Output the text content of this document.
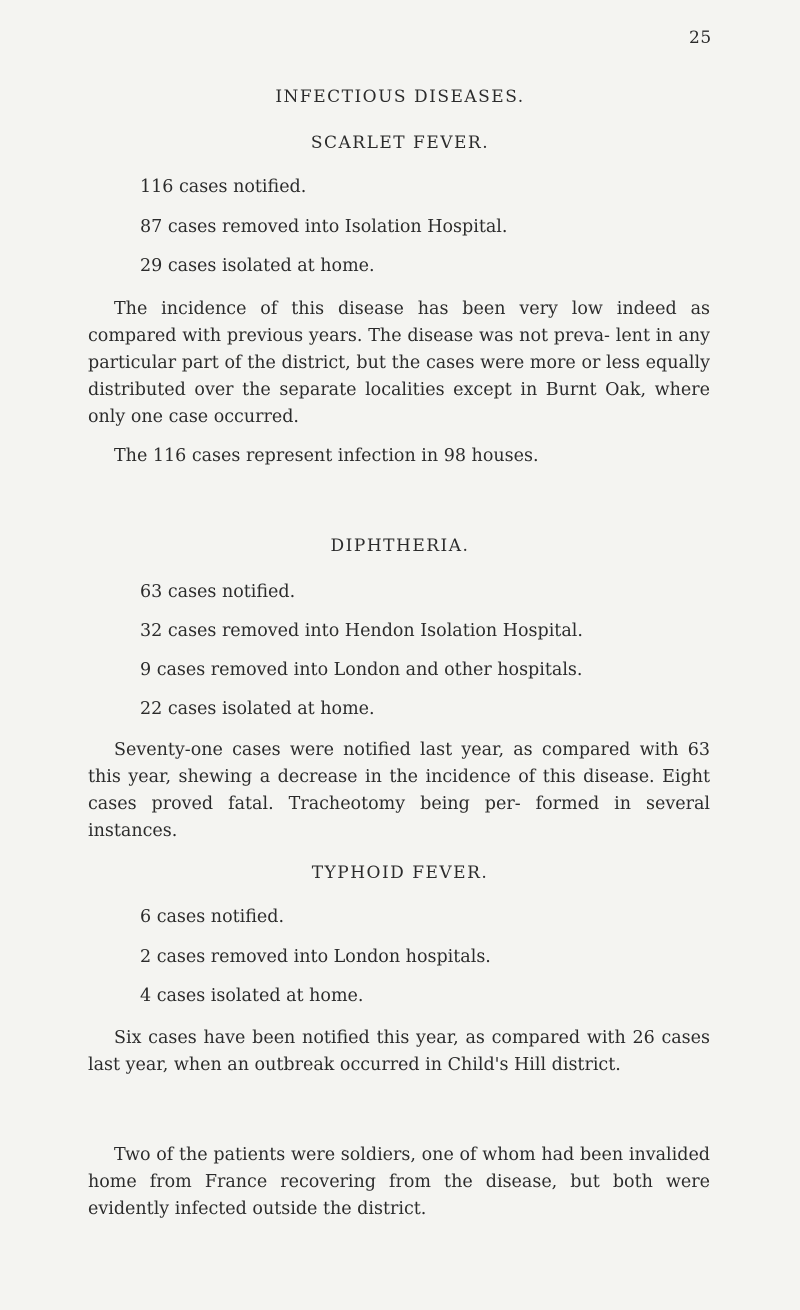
25
INFECTIOUS DISEASES.
SCARLET FEVER.
116 cases notified.
87 cases removed into Isolation Hospital.
29 cases isolated at home.
The incidence of this disease has been very low indeed as compared with previous years. The disease was not preva- lent in any particular part of the district, but the cases were more or less equally distributed over the separate localities except in Burnt Oak, where only one case occurred.
The 116 cases represent infection in 98 houses.
DIPHTHERIA.
63 cases notified.
32 cases removed into Hendon Isolation Hospital.
9 cases removed into London and other hospitals.
22 cases isolated at home.
Seventy-one cases were notified last year, as compared with 63 this year, shewing a decrease in the incidence of this disease. Eight cases proved fatal. Tracheotomy being per- formed in several instances.
TYPHOID FEVER.
6 cases notified.
2 cases removed into London hospitals.
4 cases isolated at home.
Six cases have been notified this year, as compared with 26 cases last year, when an outbreak occurred in Child's Hill district.
Two of the patients were soldiers, one of whom had been invalided home from France recovering from the disease, but both were evidently infected outside the district.
